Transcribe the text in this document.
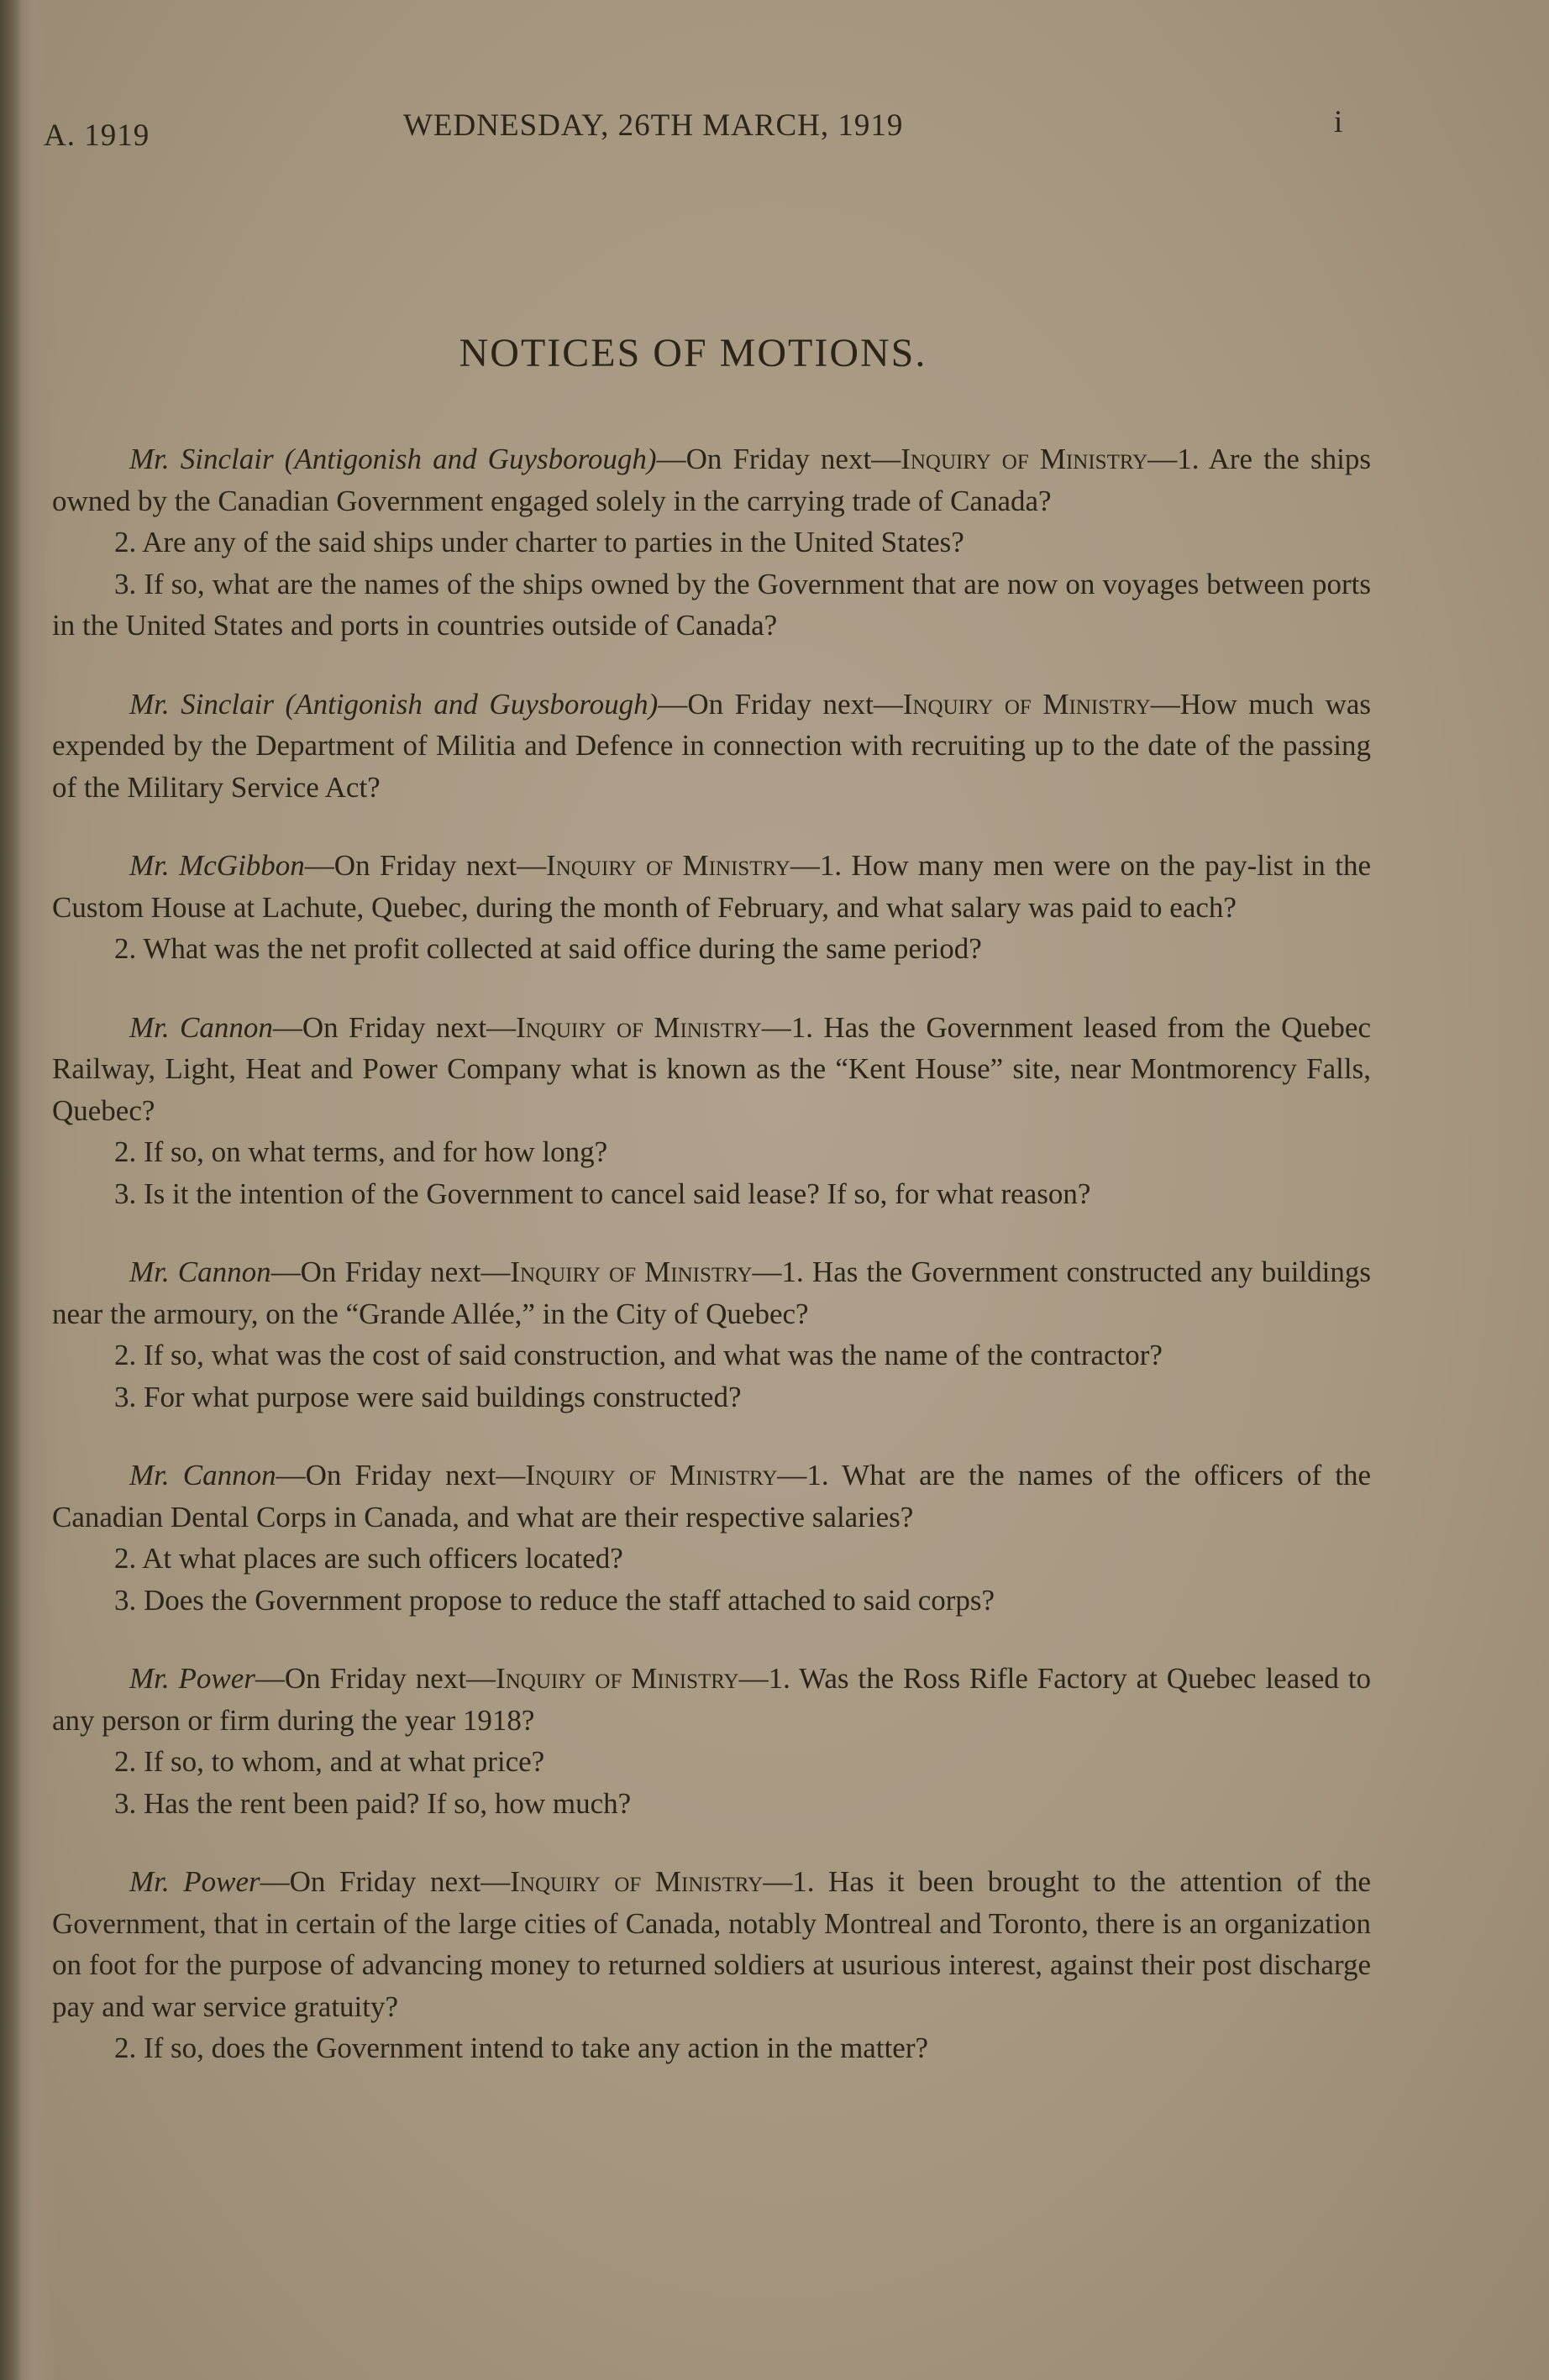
A. 1919	WEDNESDAY, 26TH MARCH, 1919	i
NOTICES OF MOTIONS.

Mr. Sinclair (Antigonish and Guysborough)—On Friday next—Inquiry of Ministry—1. Are the ships owned by the Canadian Government engaged solely in the carrying trade of Canada?

2. Are any of the said ships under charter to parties in the United States?

3. If so, what are the names of the ships owned by the Government that are now on voyages between ports in the United States and ports in countries outside of Canada?

Mr. Sinclair (Antigonish and Guysborough)—On Friday next—Inquiry of Ministry—How much was expended by the Department of Militia and Defence in connection with recruiting up to the date of the passing of the Military Service Act?

Mr. McGibbon—On Friday next—Inquiry of Ministry—1. How many men were on the pay-list in the Custom House at Lachute, Quebec, during the month of February, and what salary was paid to each?

2. What was the net profit collected at said office during the same period?

Mr. Cannon—On Friday next—Inquiry of Ministry—1. Has the Government leased from the Quebec Railway, Light, Heat and Power Company what is known as the “Kent House” site, near Montmorency Falls, Quebec?

2. If so, on what terms, and for how long?

3. Is it the intention of the Government to cancel said lease? If so, for what reason?

Mr. Cannon—On Friday next—Inquiry of Ministry—1. Has the Government constructed any buildings near the armoury, on the “Grande Allée,” in the City of Quebec?

2. If so, what was the cost of said construction, and what was the name of the contractor?

3. For what purpose were said buildings constructed?

Mr. Cannon—On Friday next—Inquiry of Ministry—1. What are the names of the officers of the Canadian Dental Corps in Canada, and what are their respective salaries?

2. At what places are such officers located?

3. Does the Government propose to reduce the staff attached to said corps?

Mr. Power—On Friday next—Inquiry of Ministry—1. Was the Ross Rifle Factory at Quebec leased to any person or firm during the year 1918?

2. If so, to whom, and at what price?

3. Has the rent been paid? If so, how much?

Mr. Power—On Friday next—Inquiry of Ministry—1. Has it been brought to the attention of the Government, that in certain of the large cities of Canada, notably Montreal and Toronto, there is an organization on foot for the purpose of advancing money to returned soldiers at usurious interest, against their post discharge pay and war service gratuity?

2. If so, does the Government intend to take any action in the matter?
